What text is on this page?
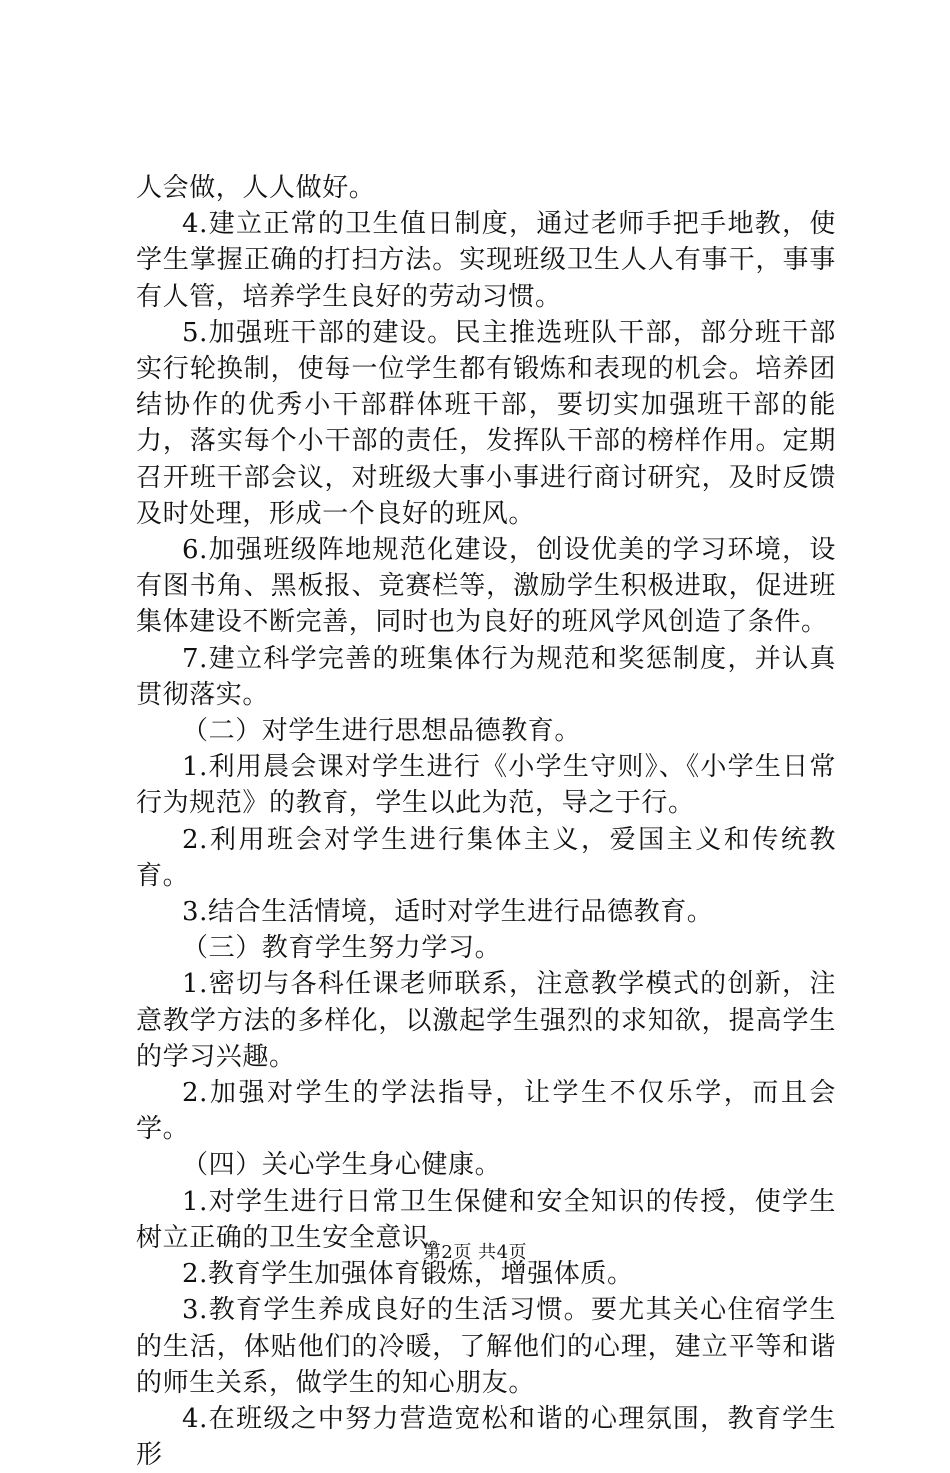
人会做，人人做好。

4.建立正常的卫生值日制度，通过老师手把手地教，使学生掌握正确的打扫方法。实现班级卫生人人有事干，事事有人管，培养学生良好的劳动习惯。

5.加强班干部的建设。民主推选班队干部，部分班干部实行轮换制，使每一位学生都有锻炼和表现的机会。培养团结协作的优秀小干部群体班干部，要切实加强班干部的能力，落实每个小干部的责任，发挥队干部的榜样作用。定期召开班干部会议，对班级大事小事进行商讨研究，及时反馈及时处理，形成一个良好的班风。

6.加强班级阵地规范化建设，创设优美的学习环境，设有图书角、黑板报、竞赛栏等，激励学生积极进取，促进班集体建设不断完善，同时也为良好的班风学风创造了条件。

7.建立科学完善的班集体行为规范和奖惩制度，并认真贯彻落实。

（二）对学生进行思想品德教育。

1.利用晨会课对学生进行《小学生守则》、《小学生日常行为规范》的教育，学生以此为范，导之于行。

2.利用班会对学生进行集体主义，爱国主义和传统教育。

3.结合生活情境，适时对学生进行品德教育。

（三）教育学生努力学习。

1.密切与各科任课老师联系，注意教学模式的创新，注意教学方法的多样化，以激起学生强烈的求知欲，提高学生的学习兴趣。

2.加强对学生的学法指导，让学生不仅乐学，而且会学。

（四）关心学生身心健康。

1.对学生进行日常卫生保健和安全知识的传授，使学生树立正确的卫生安全意识。

2.教育学生加强体育锻炼，增强体质。

3.教育学生养成良好的生活习惯。要尤其关心住宿学生的生活，体贴他们的冷暖，了解他们的心理，建立平等和谐的师生关系，做学生的知心朋友。

4.在班级之中努力营造宽松和谐的心理氛围，教育学生形

第2页 共4页
